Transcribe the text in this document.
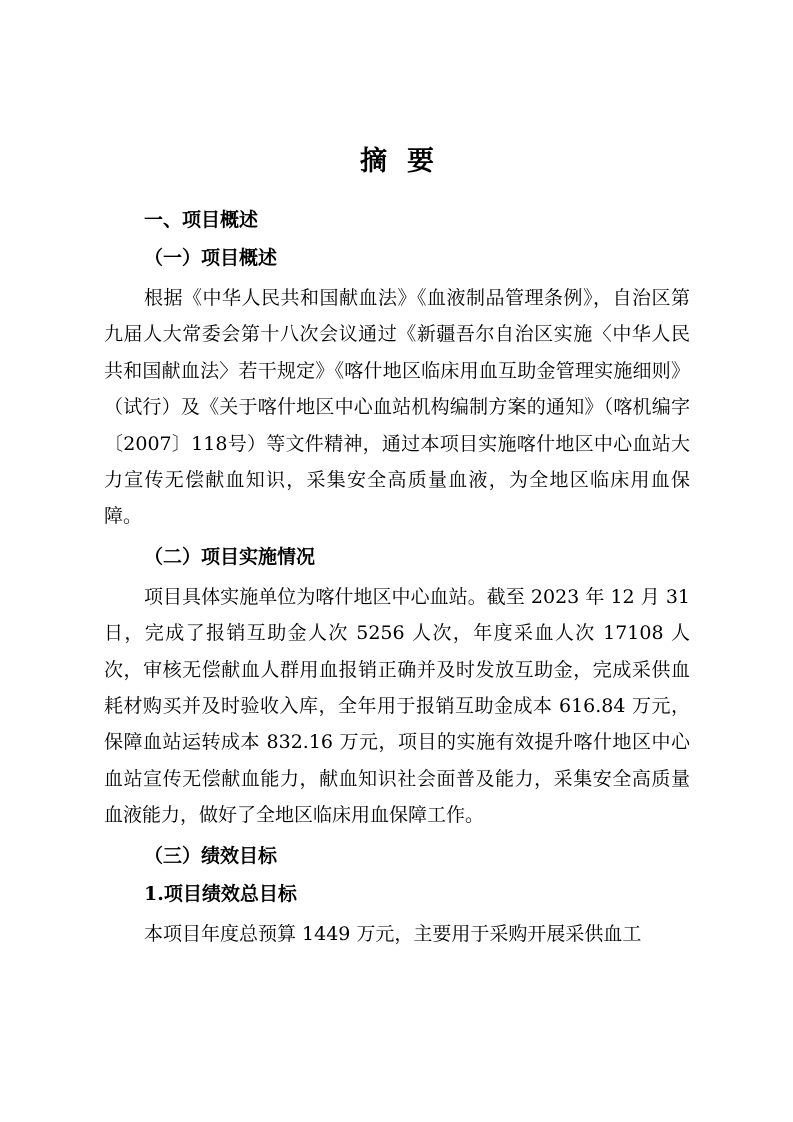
摘要

一、项目概述

（一）项目概述

根据《中华人民共和国献血法》《血液制品管理条例》，自治区第九届人大常委会第十八次会议通过《新疆吾尔自治区实施〈中华人民共和国献血法〉若干规定》《喀什地区临床用血互助金管理实施细则》（试行）及《关于喀什地区中心血站机构编制方案的通知》（喀机编字〔2007〕118号）等文件精神，通过本项目实施喀什地区中心血站大力宣传无偿献血知识，采集安全高质量血液，为全地区临床用血保障。

（二）项目实施情况

项目具体实施单位为喀什地区中心血站。截至 2023 年 12 月 31 日，完成了报销互助金人次 5256 人次，年度采血人次 17108 人次，审核无偿献血人群用血报销正确并及时发放互助金，完成采供血耗材购买并及时验收入库，全年用于报销互助金成本 616.84 万元，保障血站运转成本 832.16 万元，项目的实施有效提升喀什地区中心血站宣传无偿献血能力，献血知识社会面普及能力，采集安全高质量血液能力，做好了全地区临床用血保障工作。

（三）绩效目标

1.项目绩效总目标

本项目年度总预算 1449 万元，主要用于采购开展采供血工
